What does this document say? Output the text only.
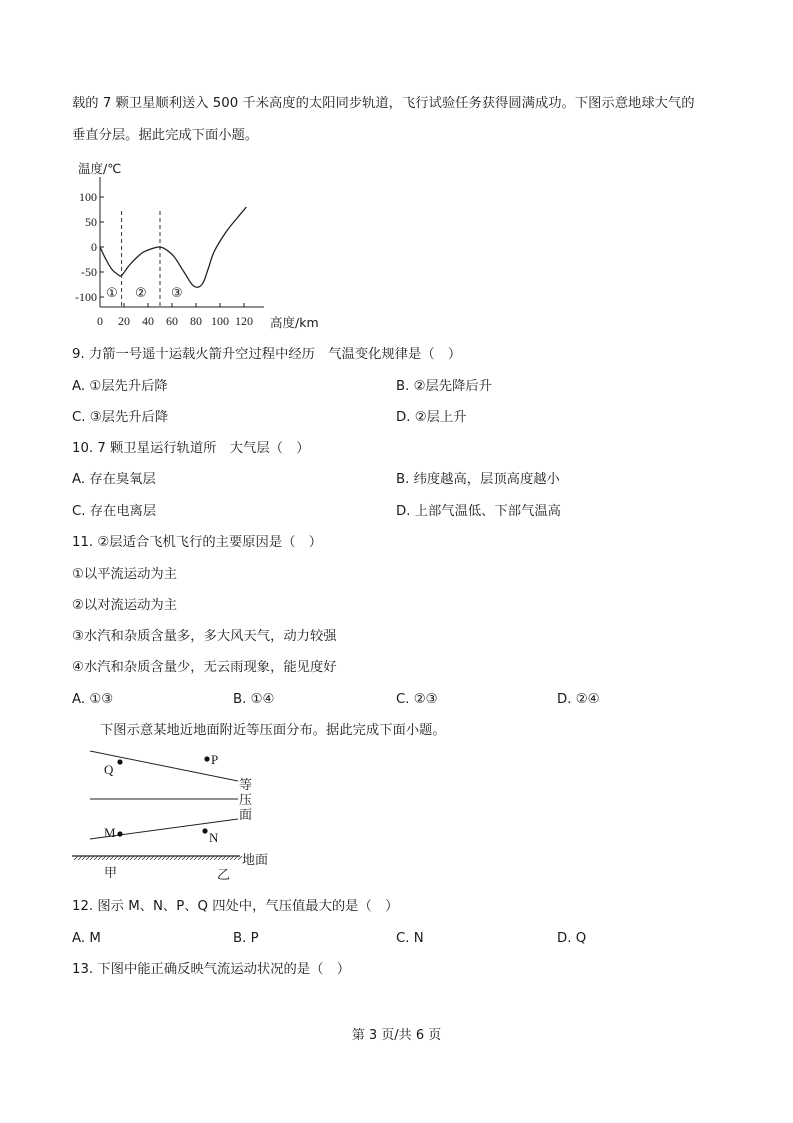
载的 7 颗卫星顺利送入 500 千米高度的太阳同步轨道，飞行试验任务获得圆满成功。下图示意地球大气的
垂直分层。据此完成下面小题。
温度/℃
高度/km
100
50
0
-50
-100
0 20 40 60 80 100 120
① ② ③
9. 力箭一号遥十运载火箭升空过程中经历　气温变化规律是（　）
A. ①层先升后降	B. ②层先降后升
C. ③层先升后降	D. ②层上升
10. 7 颗卫星运行轨道所　大气层（　）
A. 存在臭氧层	B. 纬度越高，层顶高度越小
C. 存在电离层	D. 上部气温低、下部气温高
11. ②层适合飞机飞行的主要原因是（　）
①以平流运动为主
②以对流运动为主
③水汽和杂质含量多，多大风天气，动力较强
④水汽和杂质含量少，无云雨现象，能见度好
A. ①③	B. ①④	C. ②③	D. ②④
下图示意某地近地面附近等压面分布。据此完成下面小题。
Q
P
M	N
等
压
面
地面
甲	乙
12. 图示 M、N、P、Q 四处中，气压值最大的是（　）
A. M	B. P	C. N	D. Q
13. 下图中能正确反映气流运动状况的是（　）
第 3 页/共 6 页
